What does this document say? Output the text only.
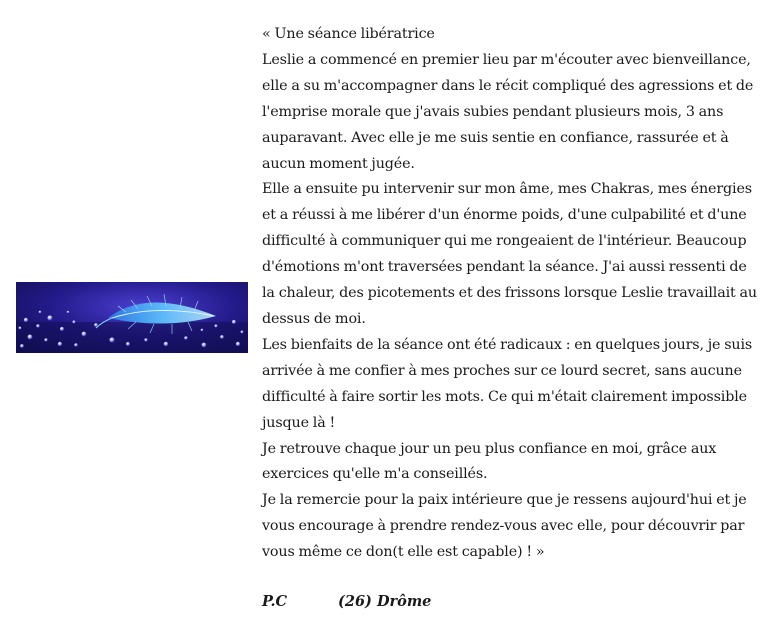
« Une séance libératrice

Leslie a commencé en premier lieu par m'écouter avec bienveillance, elle a su m'accompagner dans le récit compliqué des agressions et de l'emprise morale que j'avais subies pendant plusieurs mois, 3 ans auparavant. Avec elle je me suis sentie en confiance, rassurée et à aucun moment jugée.

Elle a ensuite pu intervenir sur mon âme, mes Chakras, mes énergies et a réussi à me libérer d'un énorme poids, d'une culpabilité et d'une difficulté à communiquer qui me rongeaient de l'intérieur. Beaucoup d'émotions m'ont traversées pendant la séance. J'ai aussi ressenti de la chaleur, des picotements et des frissons lorsque Leslie travaillait au dessus de moi.

Les bienfaits de la séance ont été radicaux : en quelques jours, je suis arrivée à me confier à mes proches sur ce lourd secret, sans aucune difficulté à faire sortir les mots. Ce qui m'était clairement impossible jusque là !

Je retrouve chaque jour un peu plus confiance en moi, grâce aux exercices qu'elle m'a conseillés.

Je la remercie pour la paix intérieure que je ressens aujourd'hui et je vous encourage à prendre rendez-vous avec elle, pour découvrir par vous même ce don(t elle est capable) ! »

P.C	(26) Drôme
